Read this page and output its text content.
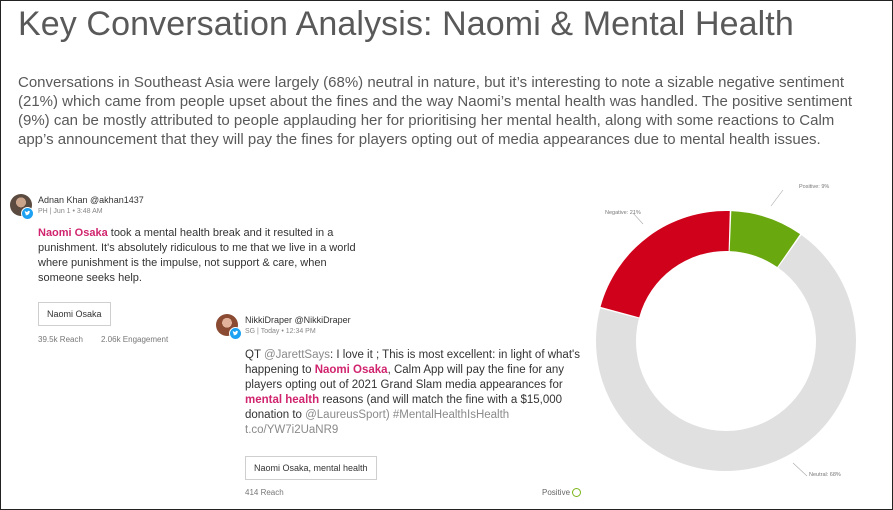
Key Conversation Analysis: Naomi & Mental Health

Conversations in Southeast Asia were largely (68%) neutral in nature, but it’s interesting to note a sizable negative sentiment (21%) which came from people upset about the fines and the way Naomi’s mental health was handled. The positive sentiment (9%) can be mostly attributed to people applauding her for prioritising her mental health, along with some reactions to Calm app’s announcement that they will pay the fines for players opting out of media appearances due to mental health issues.

Adnan Khan @akhan1437
PH | Jun 1 • 3:48 AM
Naomi Osaka took a mental health break and it resulted in a
punishment. It's absolutely ridiculous to me that we live in a world
where punishment is the impulse, not support & care, when
someone seeks help.
Naomi Osaka
39.5k Reach 2.06k Engagement
NikkiDraper @NikkiDraper
SG | Today • 12:34 PM
QT @JarettSays: I love it ; This is most excellent: in light of what's
happening to Naomi Osaka, Calm App will pay the fine for any
players opting out of 2021 Grand Slam media appearances for
mental health reasons (and will match the fine with a $15,000
donation to @LaureusSport) #MentalHealthIsHealth
t.co/YW7i2UaNR9
Naomi Osaka, mental health
414 Reach	Positive
Positive: 9%
Negative: 21%
Neutral: 68%
